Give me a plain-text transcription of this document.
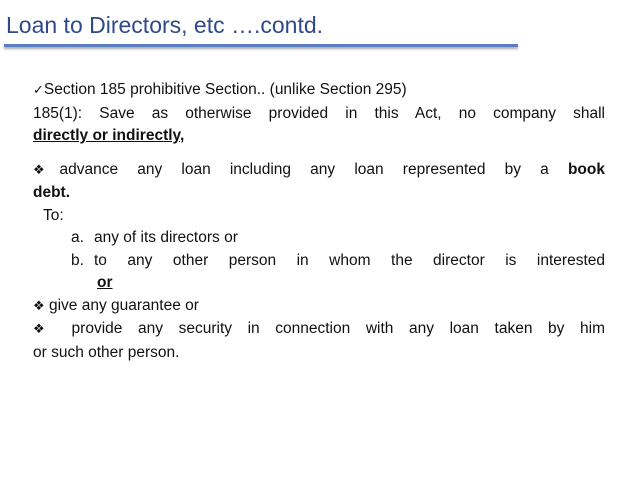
Loan to Directors, etc ….contd.
✓Section 185 prohibitive Section.. (unlike Section 295)
185(1): Save as otherwise provided in this Act, no company shall
directly or indirectly,
❖advance any loan including any loan represented by a book
debt.
To:
a. any of its directors or
b. to any other person in whom the director is interested
or
❖ give any guarantee or
❖ provide any security in connection with any loan taken by him
or such other person.
